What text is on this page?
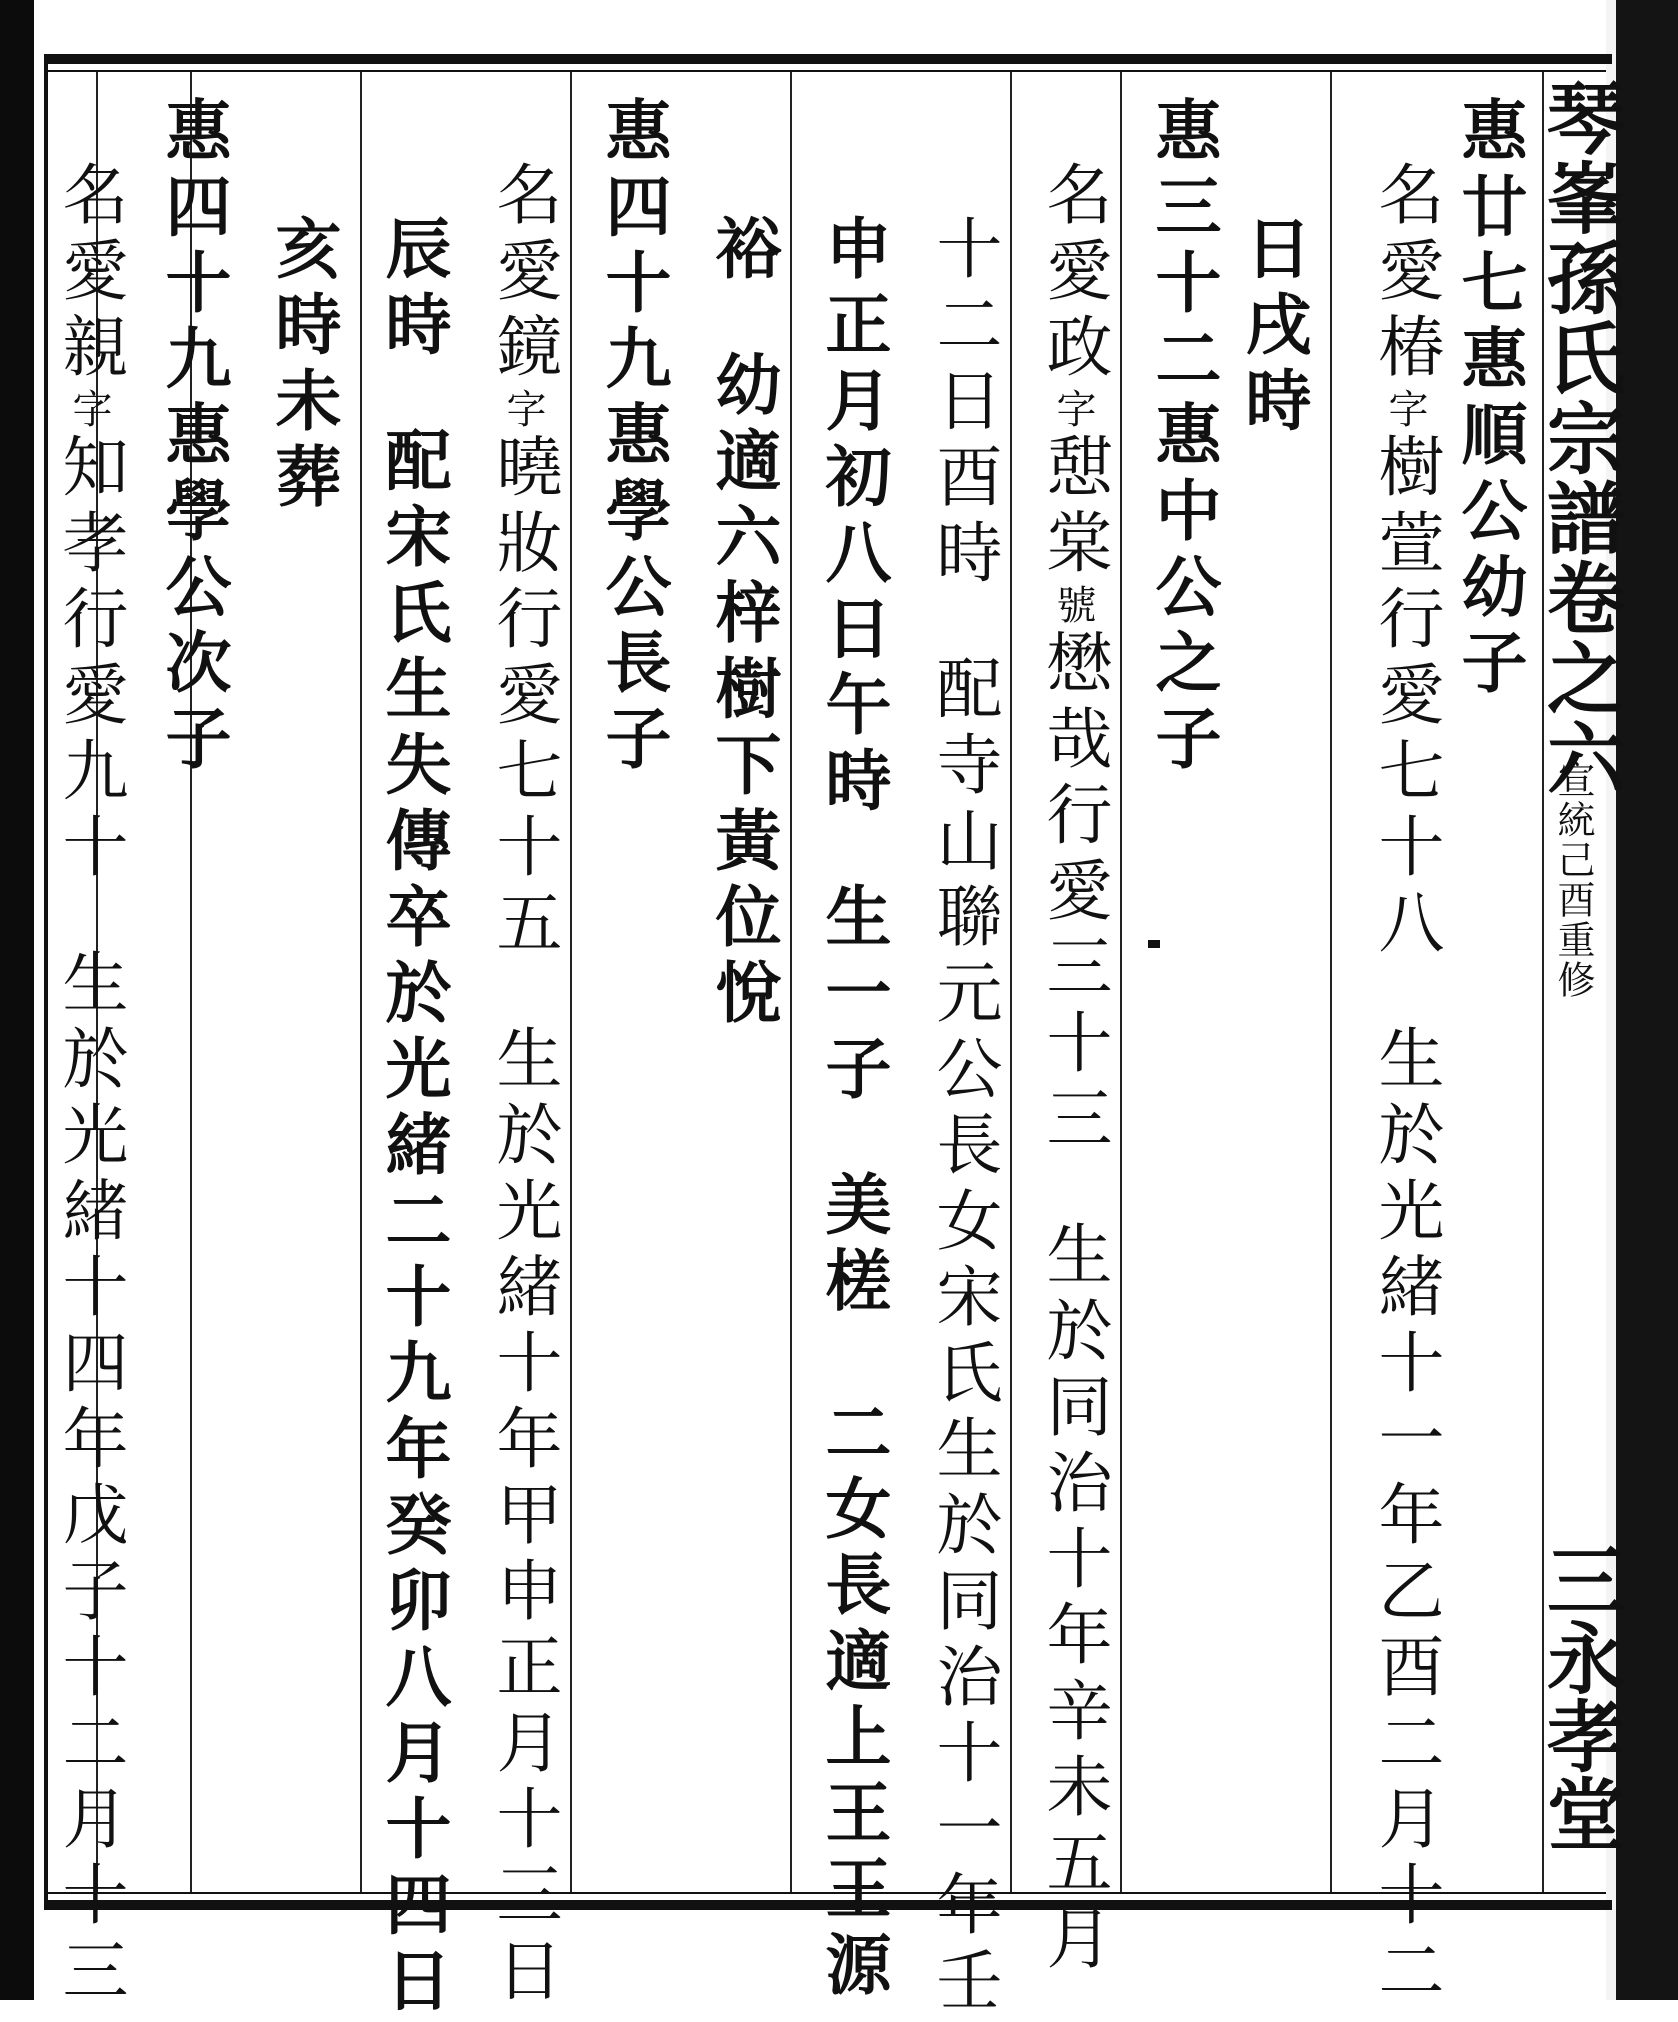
琴峯孫氏宗譜卷之六
宣統己酉重修
三永孝堂
惠廿七惠順公幼子
名愛椿字樹萱行愛七十八生於光緒十一年乙酉二月十二
日戌時
惠三十二惠中公之子
名愛政字憇棠號懋哉行愛三十三生於同治十年辛未五月
十二日酉時配寺山聯元公長女宋氏生於同治十一年壬
申正月初八日午時生一子美槎　二女長適上王王源
裕幼適六梓樹下黃位悅
惠四十九惠學公長子
名愛鏡字曉妝行愛七十五生於光緒十年甲申正月十三日
辰時配宋氏生失傳卒於光緒二十九年癸卯八月十四日
亥時未葬
惠四十九惠學公次子
名愛親字知孝行愛九十生於光緒十四年戊子十二月十三
